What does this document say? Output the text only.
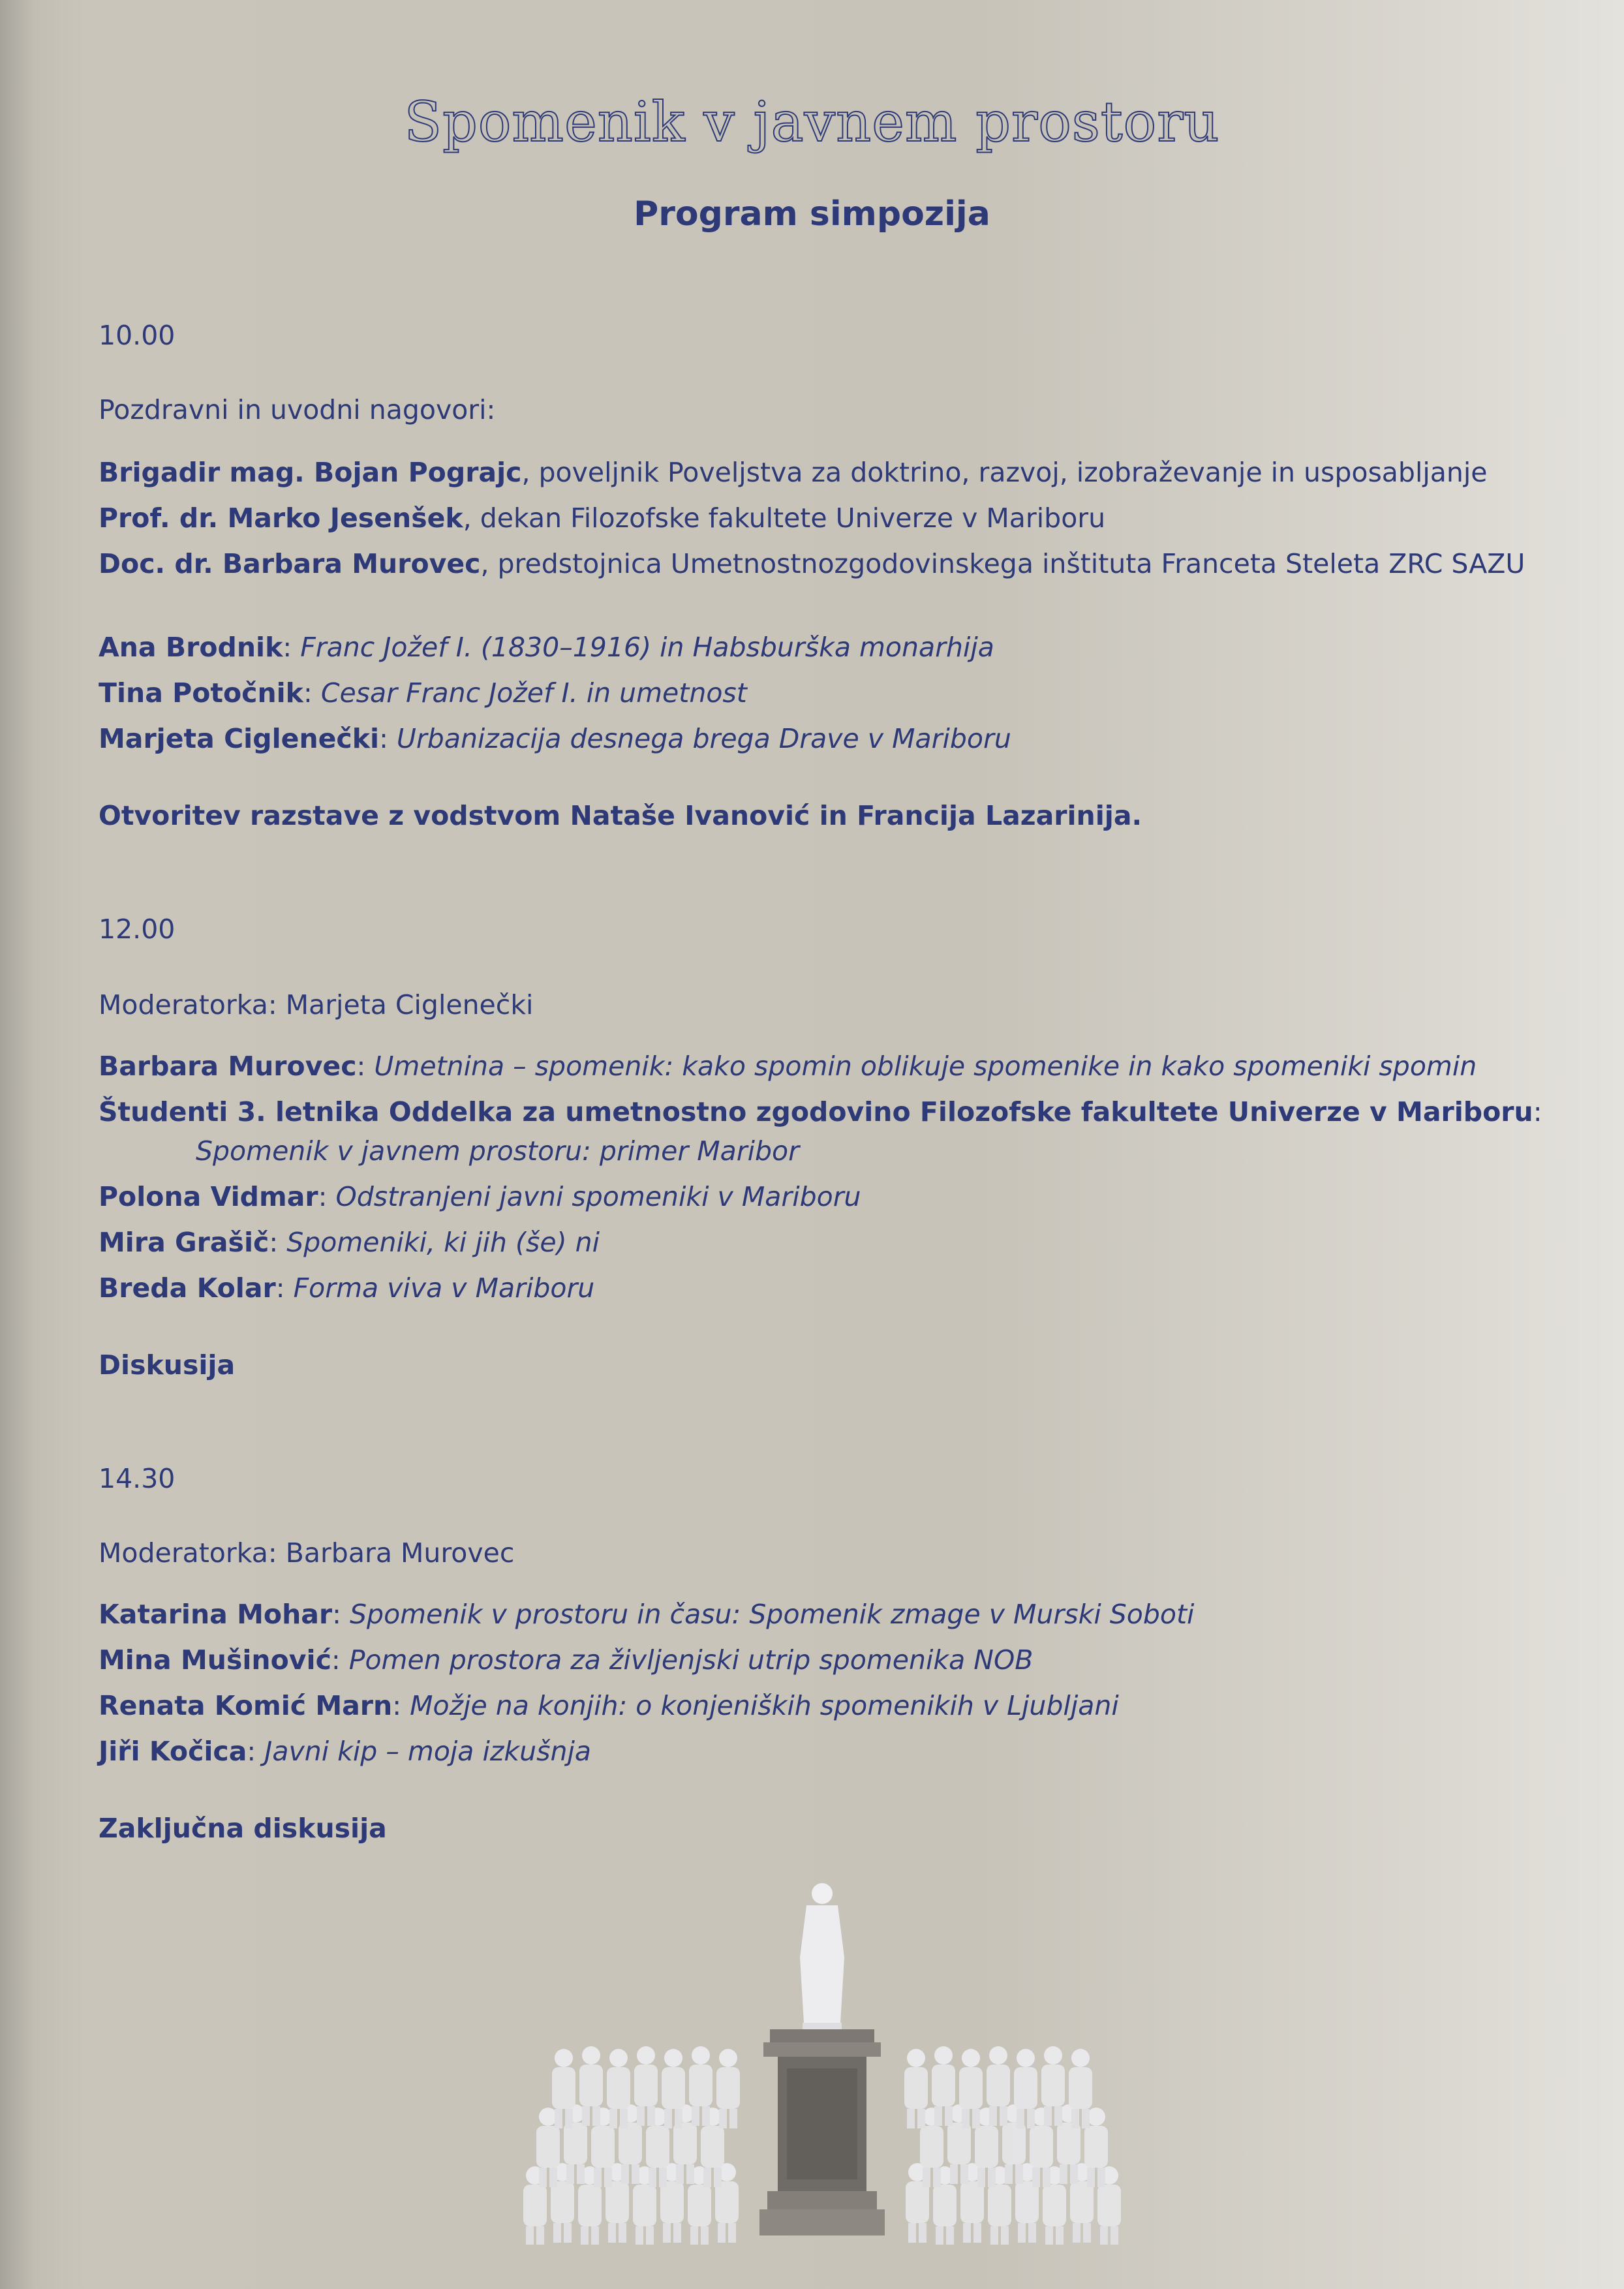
Spomenik v javnem prostoru
Program simpozija

10.00

Pozdravni in uvodni nagovori:

Brigadir mag. Bojan Pograjc, poveljnik Poveljstva za doktrino, razvoj, izobraževanje in usposabljanje

Prof. dr. Marko Jesenšek, dekan Filozofske fakultete Univerze v Mariboru

Doc. dr. Barbara Murovec, predstojnica Umetnostnozgodovinskega inštituta Franceta Steleta ZRC SAZU

Ana Brodnik: Franc Jožef I. (1830–1916) in Habsburška monarhija

Tina Potočnik: Cesar Franc Jožef I. in umetnost

Marjeta Ciglenečki: Urbanizacija desnega brega Drave v Mariboru

Otvoritev razstave z vodstvom Nataše Ivanović in Francija Lazarinija.

12.00

Moderatorka: Marjeta Ciglenečki

Barbara Murovec: Umetnina – spomenik: kako spomin oblikuje spomenike in kako spomeniki spomin

Študenti 3. letnika Oddelka za umetnostno zgodovino Filozofske fakultete Univerze v Mariboru:

Spomenik v javnem prostoru: primer Maribor

Polona Vidmar: Odstranjeni javni spomeniki v Mariboru

Mira Grašič: Spomeniki, ki jih (še) ni

Breda Kolar: Forma viva v Mariboru

Diskusija

14.30

Moderatorka: Barbara Murovec

Katarina Mohar: Spomenik v prostoru in času: Spomenik zmage v Murski Soboti

Mina Mušinović: Pomen prostora za življenjski utrip spomenika NOB

Renata Komić Marn: Možje na konjih: o konjeniških spomenikih v Ljubljani

Jiři Kočica: Javni kip – moja izkušnja

Zaključna diskusija
